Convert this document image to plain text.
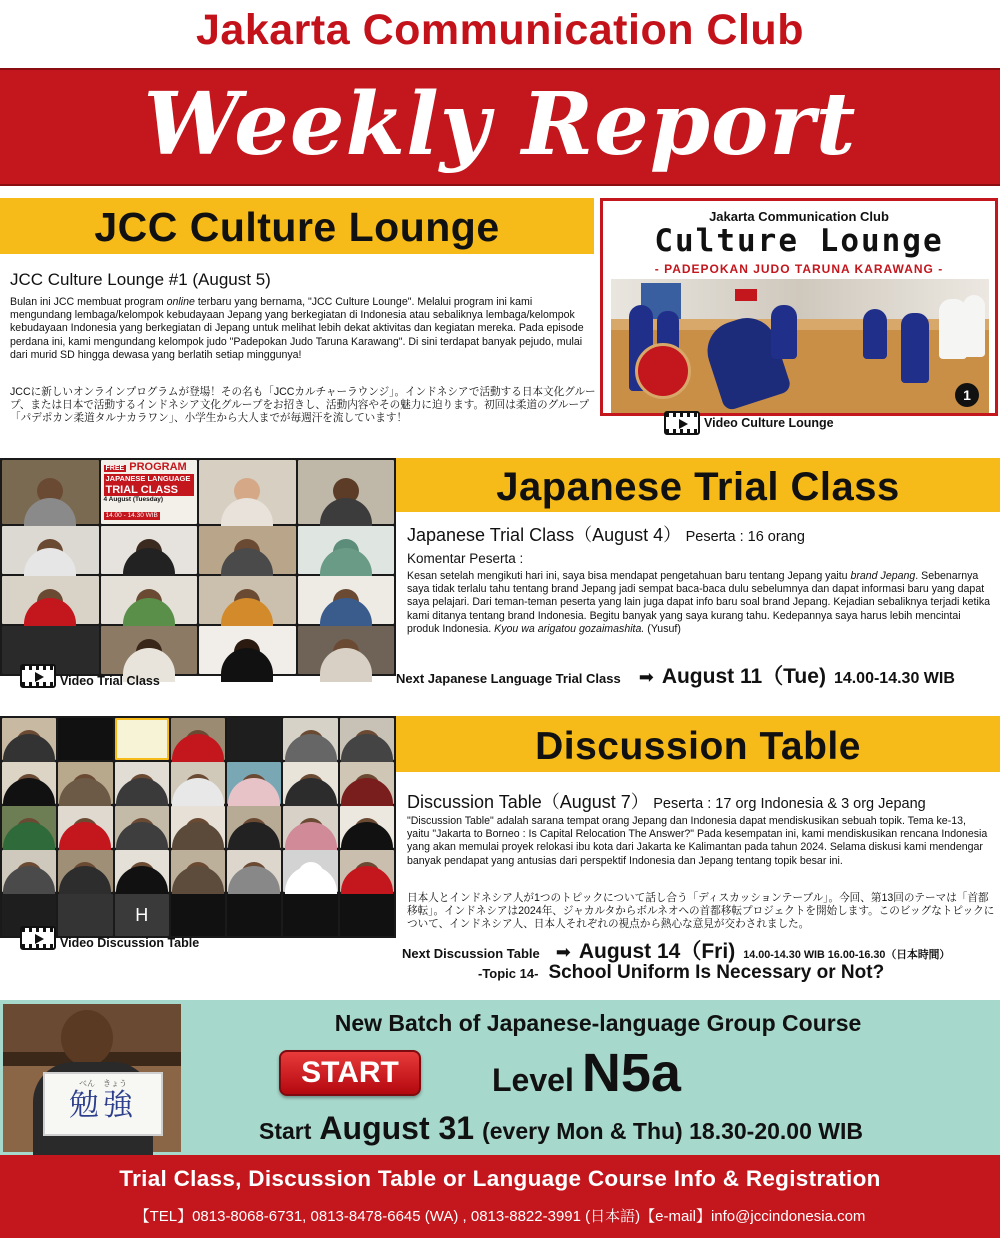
Jakarta Communication Club
Weekly Report
JCC Culture Lounge
JCC Culture Lounge #1 (August 5)
Bulan ini JCC membuat program online terbaru yang bernama, "JCC Culture Lounge". Melalui program ini kami mengundang lembaga/kelompok kebudayaan Jepang yang berkegiatan di Indonesia atau sebaliknya lembaga/kelompok kebudayaan Indonesia yang berkegiatan di Jepang untuk melihat lebih dekat aktivitas dan kegiatan mereka. Pada episode perdana ini, kami mengundang kelompok judo "Padepokan Judo Taruna Karawang". Di sini terdapat banyak pejudo, mulai dari murid SD hingga dewasa yang berlatih setiap minggunya!
JCCに新しいオンラインプログラムが登場！その名も「JCCカルチャーラウンジ」。インドネシアで活動する日本文化グループ、または日本で活動するインドネシア文化グループをお招きし、活動内容やその魅力に迫ります。初回は柔道のグループ「パデポカン柔道タルナカラワン」、小学生から大人までが毎週汗を流しています！
Jakarta Communication Club
Culture Lounge
- PADEPOKAN JUDO TARUNA KARAWANG -
1
Video Culture Lounge
FREE PROGRAM
JAPANESE LANGUAGE
TRIAL CLASS
4 August (Tuesday)
14.00 - 14.30 WIB
Video Trial Class
Japanese Trial Class
Japanese Trial Class（August 4） Peserta : 16 orang
Komentar Peserta :
Kesan setelah mengikuti hari ini, saya bisa mendapat pengetahuan baru tentang Jepang yaitu brand Jepang. Sebenarnya saya tidak terlalu tahu tentang brand Jepang jadi sempat baca-baca dulu sebelumnya dan dapat informasi baru yang dapat saya pelajari. Dari teman-teman peserta yang lain juga dapat info baru soal brand Jepang. Kejadian sebaliknya terjadi ketika kami ditanya tentang brand Indonesia. Begitu banyak yang saya kurang tahu. Kedepannya saya harus lebih mencintai produk Indonesia. Kyou wa arigatou gozaimashita. (Yusuf)
Next Japanese Language Trial Class ➡ August 11（Tue) 14.00-14.30 WIB
H
Video Discussion Table
Discussion Table
Discussion Table（August 7） Peserta : 17 org Indonesia & 3 org Jepang
"Discussion Table" adalah sarana tempat orang Jepang dan Indonesia dapat mendiskusikan sebuah topik. Tema ke-13, yaitu "Jakarta to Borneo : Is Capital Relocation The Answer?" Pada kesempatan ini, kami mendiskusikan rencana Indonesia yang akan memulai proyek relokasi ibu kota dari Jakarta ke Kalimantan pada tahun 2024. Selama diskusi kami mendengar banyak pendapat yang antusias dari perspektif Indonesia dan Jepang tentang topik besar ini.
日本人とインドネシア人が1つのトピックについて話し合う「ディスカッションテーブル」。今回、第13回のテーマは「首都移転」。インドネシアは2024年、ジャカルタからボルネオへの首都移転プロジェクトを開始します。このビッグなトピックについて、インドネシア人、日本人それぞれの視点から熱心な意見が交わされました。
Next Discussion Table ➡ August 14（Fri) 14.00-14.30 WIB 16.00-16.30（日本時間）
-Topic 14- School Uniform Is Necessary or Not?
べん　きょう
勉強
New Batch of Japanese-language Group Course
START	Level N5a
Start August 31 (every Mon & Thu) 18.30-20.00 WIB
Trial Class, Discussion Table or Language Course Info & Registration
【TEL】0813-8068-6731, 0813-8478-6645 (WA) , 0813-8822-3991 (日本語)【e-mail】info@jccindonesia.com
